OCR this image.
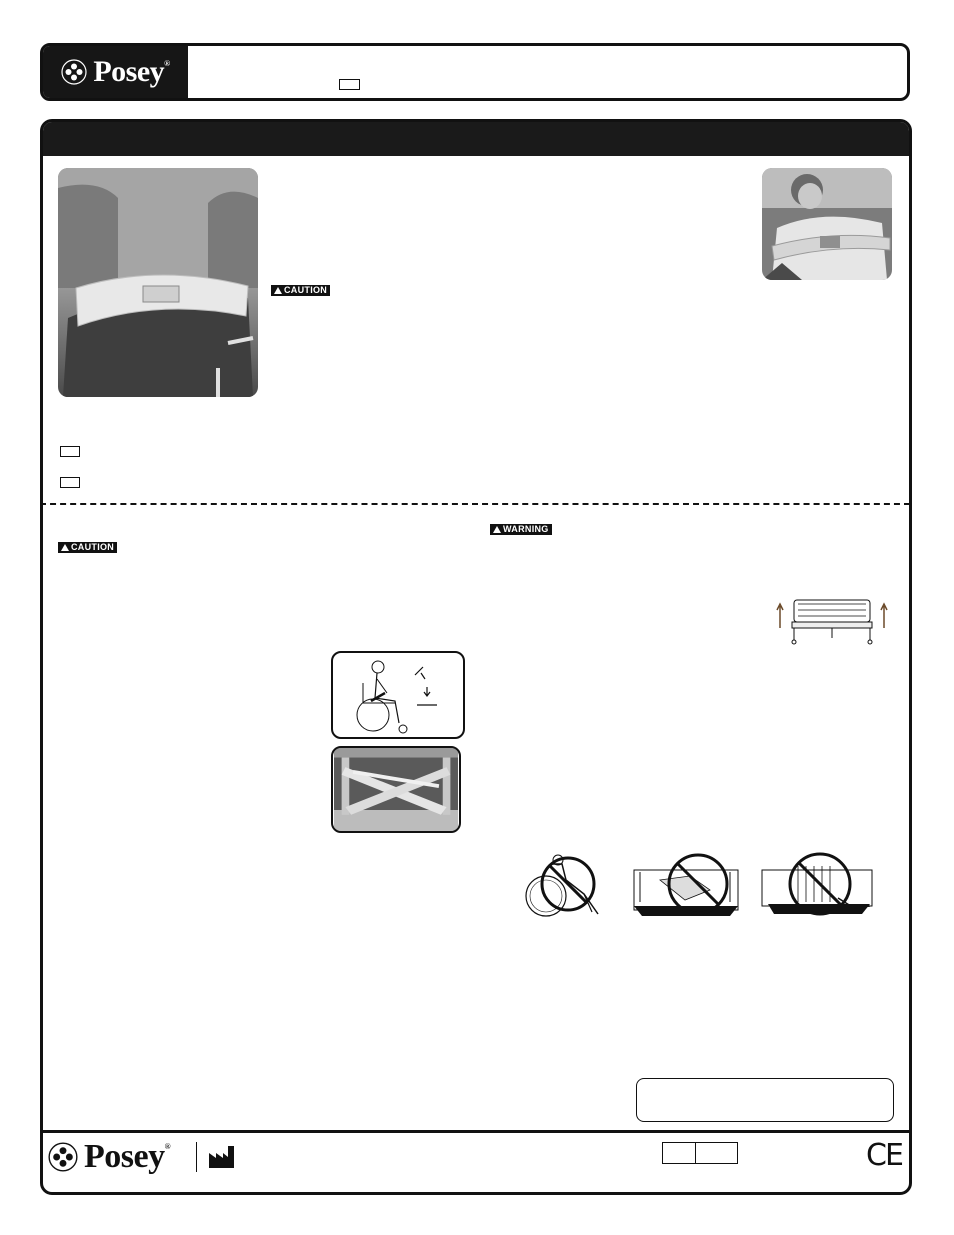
Posey®
CAUTION
CAUTION
WARNING
Posey®	CE
